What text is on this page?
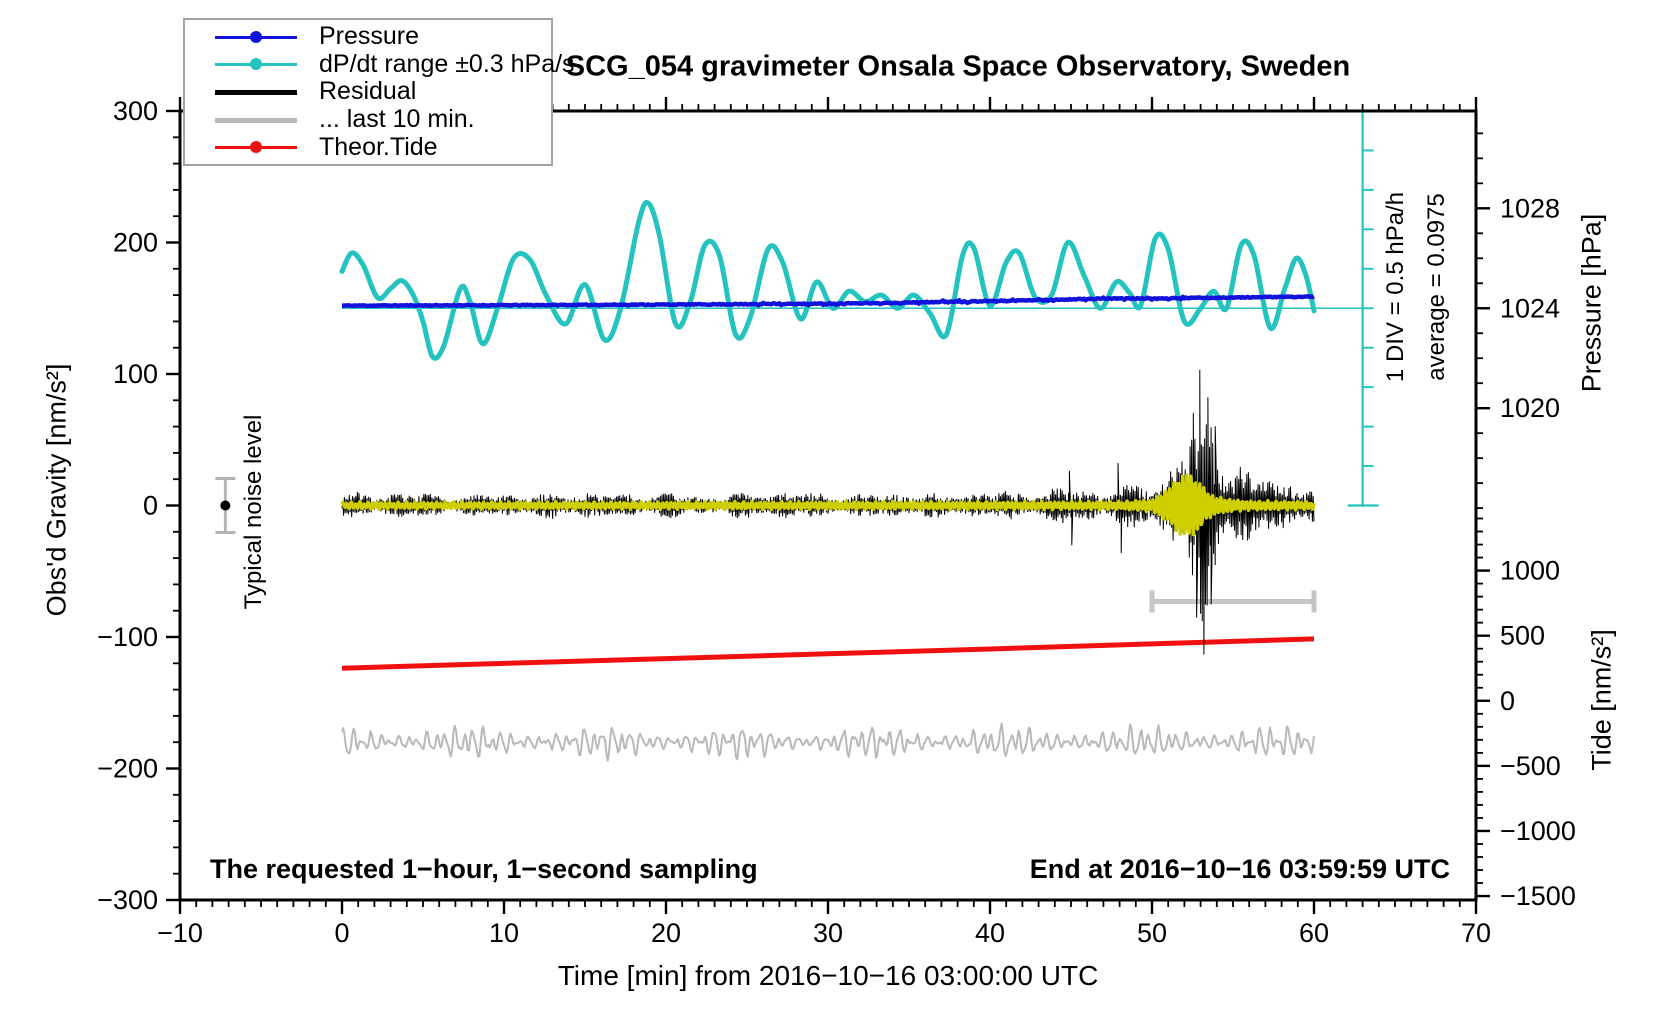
−10	0	10	20	30	40	50	60	70
300
200
100
0
−100
−200
−300
1028
1024
1020
1000
500
0
−500
−1000
−1500
SCG_054 gravimeter Onsala Space Observatory, Sweden
Pressure
dP/dt range ±0.3 hPa/s
Residual
... last 10 min.
Theor.Tide
Obs'd Gravity [nm/s²]
Pressure [hPa]
Tide [nm/s²]
Time [min] from 2016−10−16 03:00:00 UTC
The requested 1−hour, 1−second sampling	End at 2016−10−16 03:59:59 UTC
Typical noise level
1 DIV = 0.5 hPa/h average = 0.0975
